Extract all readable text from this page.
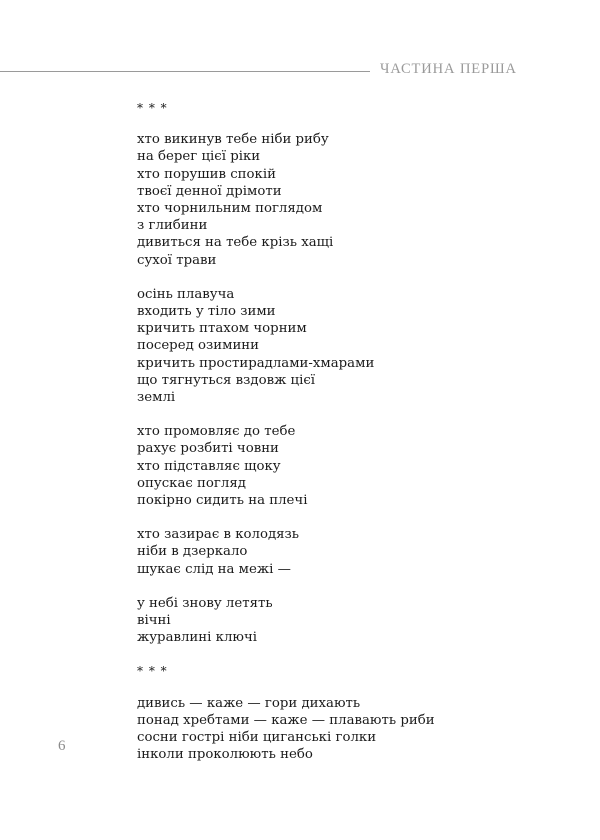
ЧАСТИНА ПЕРША
* * *
хто викинув тебе ніби рибу
на берег цієї ріки
хто порушив спокій
твоєї денної дрімоти
хто чорнильним поглядом
з глибини
дивиться на тебе крізь хащі
сухої трави
осінь плавуча
входить у тіло зими
кричить птахом чорним
посеред озимини
кричить простирадлами-хмарами
що тягнуться вздовж цієї
землі
хто промовляє до тебе
рахує розбиті човни
хто підставляє щоку
опускає погляд
покірно сидить на плечі
хто зазирає в колодязь
ніби в дзеркало
шукає слід на межі —
у небі знову летять
вічні
журавлині ключі
* * *
дивись — каже — гори дихають
понад хребтами — каже — плавають риби
сосни гострі ніби циганські голки
інколи проколюють небо
6
